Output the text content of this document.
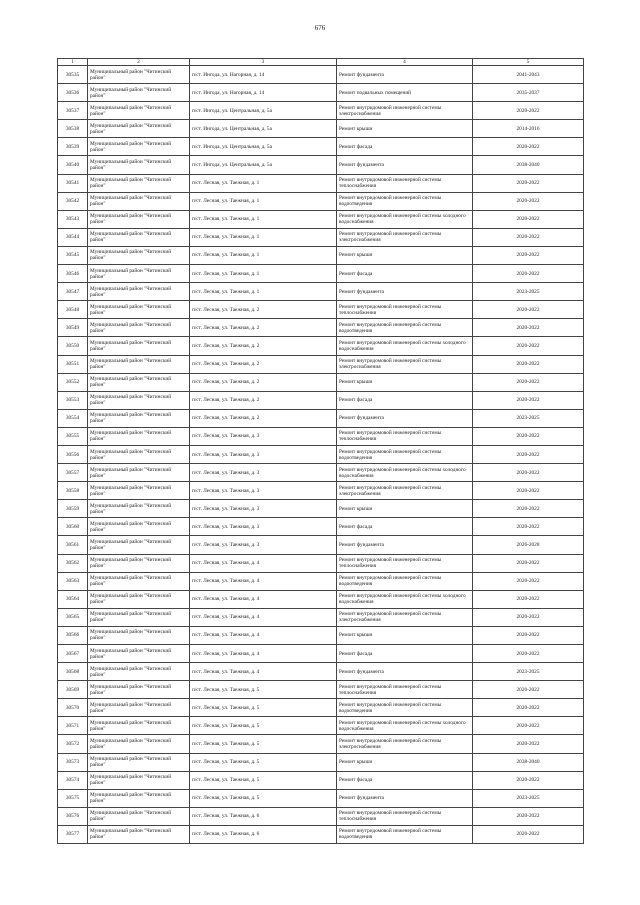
676
1	2	3	4	5
30535	Муниципальный район "Читинский район"	п/ст. Ингода, ул. Нагорная, д. 14	Ремонт фундамента	2041-2043
30536	Муниципальный район "Читинский район"	п/ст. Ингода, ул. Нагорная, д. 14	Ремонт подвальных помещений	2035-2037
30537	Муниципальный район "Читинский район"	п/ст. Ингода, ул. Центральная, д. 5а	Ремонт внутридомовой инженерной системы электроснабжения	2020-2022
30538	Муниципальный район "Читинский район"	п/ст. Ингода, ул. Центральная, д. 5а	Ремонт крыши	2014-2016
30539	Муниципальный район "Читинский район"	п/ст. Ингода, ул. Центральная, д. 5а	Ремонт фасада	2020-2022
30540	Муниципальный район "Читинский район"	п/ст. Ингода, ул. Центральная, д. 5а	Ремонт фундамента	2038-2040
30541	Муниципальный район "Читинский район"	п/ст. Лесная, ул. Таежная, д. 1	Ремонт внутридомовой инженерной системы теплоснабжения	2020-2022
30542	Муниципальный район "Читинский район"	п/ст. Лесная, ул. Таежная, д. 1	Ремонт внутридомовой инженерной системы водоотведения	2020-2022
30543	Муниципальный район "Читинский район"	п/ст. Лесная, ул. Таежная, д. 1	Ремонт внутридомовой инженерной системы холодного водоснабжения	2020-2022
30544	Муниципальный район "Читинский район"	п/ст. Лесная, ул. Таежная, д. 1	Ремонт внутридомовой инженерной системы электроснабжения	2020-2022
30545	Муниципальный район "Читинский район"	п/ст. Лесная, ул. Таежная, д. 1	Ремонт крыши	2020-2022
30546	Муниципальный район "Читинский район"	п/ст. Лесная, ул. Таежная, д. 1	Ремонт фасада	2020-2022
30547	Муниципальный район "Читинский район"	п/ст. Лесная, ул. Таежная, д. 1	Ремонт фундамента	2023-2025
30548	Муниципальный район "Читинский район"	п/ст. Лесная, ул. Таежная, д. 2	Ремонт внутридомовой инженерной системы теплоснабжения	2020-2022
30549	Муниципальный район "Читинский район"	п/ст. Лесная, ул. Таежная, д. 2	Ремонт внутридомовой инженерной системы водоотведения	2020-2022
30550	Муниципальный район "Читинский район"	п/ст. Лесная, ул. Таежная, д. 2	Ремонт внутридомовой инженерной системы холодного водоснабжения	2020-2022
30551	Муниципальный район "Читинский район"	п/ст. Лесная, ул. Таежная, д. 2	Ремонт внутридомовой инженерной системы электроснабжения	2020-2022
30552	Муниципальный район "Читинский район"	п/ст. Лесная, ул. Таежная, д. 2	Ремонт крыши	2020-2022
30553	Муниципальный район "Читинский район"	п/ст. Лесная, ул. Таежная, д. 2	Ремонт фасада	2020-2022
30554	Муниципальный район "Читинский район"	п/ст. Лесная, ул. Таежная, д. 2	Ремонт фундамента	2023-2025
30555	Муниципальный район "Читинский район"	п/ст. Лесная, ул. Таежная, д. 3	Ремонт внутридомовой инженерной системы теплоснабжения	2020-2022
30556	Муниципальный район "Читинский район"	п/ст. Лесная, ул. Таежная, д. 3	Ремонт внутридомовой инженерной системы водоотведения	2020-2022
30557	Муниципальный район "Читинский район"	п/ст. Лесная, ул. Таежная, д. 3	Ремонт внутридомовой инженерной системы холодного водоснабжения	2020-2022
30558	Муниципальный район "Читинский район"	п/ст. Лесная, ул. Таежная, д. 3	Ремонт внутридомовой инженерной системы электроснабжения	2020-2022
30559	Муниципальный район "Читинский район"	п/ст. Лесная, ул. Таежная, д. 3	Ремонт крыши	2020-2022
30560	Муниципальный район "Читинский район"	п/ст. Лесная, ул. Таежная, д. 3	Ремонт фасада	2020-2022
30561	Муниципальный район "Читинский район"	п/ст. Лесная, ул. Таежная, д. 3	Ремонт фундамента	2026-2028
30562	Муниципальный район "Читинский район"	п/ст. Лесная, ул. Таежная, д. 4	Ремонт внутридомовой инженерной системы теплоснабжения	2020-2022
30563	Муниципальный район "Читинский район"	п/ст. Лесная, ул. Таежная, д. 4	Ремонт внутридомовой инженерной системы водоотведения	2020-2022
30564	Муниципальный район "Читинский район"	п/ст. Лесная, ул. Таежная, д. 4	Ремонт внутридомовой инженерной системы холодного водоснабжения	2020-2022
30565	Муниципальный район "Читинский район"	п/ст. Лесная, ул. Таежная, д. 4	Ремонт внутридомовой инженерной системы электроснабжения	2020-2022
30566	Муниципальный район "Читинский район"	п/ст. Лесная, ул. Таежная, д. 4	Ремонт крыши	2020-2022
30567	Муниципальный район "Читинский район"	п/ст. Лесная, ул. Таежная, д. 4	Ремонт фасада	2020-2022
30568	Муниципальный район "Читинский район"	п/ст. Лесная, ул. Таежная, д. 4	Ремонт фундамента	2023-2025
30569	Муниципальный район "Читинский район"	п/ст. Лесная, ул. Таежная, д. 5	Ремонт внутридомовой инженерной системы теплоснабжения	2020-2022
30570	Муниципальный район "Читинский район"	п/ст. Лесная, ул. Таежная, д. 5	Ремонт внутридомовой инженерной системы водоотведения	2020-2022
30571	Муниципальный район "Читинский район"	п/ст. Лесная, ул. Таежная, д. 5	Ремонт внутридомовой инженерной системы холодного водоснабжения	2020-2022
30572	Муниципальный район "Читинский район"	п/ст. Лесная, ул. Таежная, д. 5	Ремонт внутридомовой инженерной системы электроснабжения	2020-2022
30573	Муниципальный район "Читинский район"	п/ст. Лесная, ул. Таежная, д. 5	Ремонт крыши	2038-2040
30574	Муниципальный район "Читинский район"	п/ст. Лесная, ул. Таежная, д. 5	Ремонт фасада	2020-2022
30575	Муниципальный район "Читинский район"	п/ст. Лесная, ул. Таежная, д. 5	Ремонт фундамента	2023-2025
30576	Муниципальный район "Читинский район"	п/ст. Лесная, ул. Таежная, д. 6	Ремонт внутридомовой инженерной системы теплоснабжения	2020-2022
30577	Муниципальный район "Читинский район"	п/ст. Лесная, ул. Таежная, д. 6	Ремонт внутридомовой инженерной системы водоотведения	2020-2022
